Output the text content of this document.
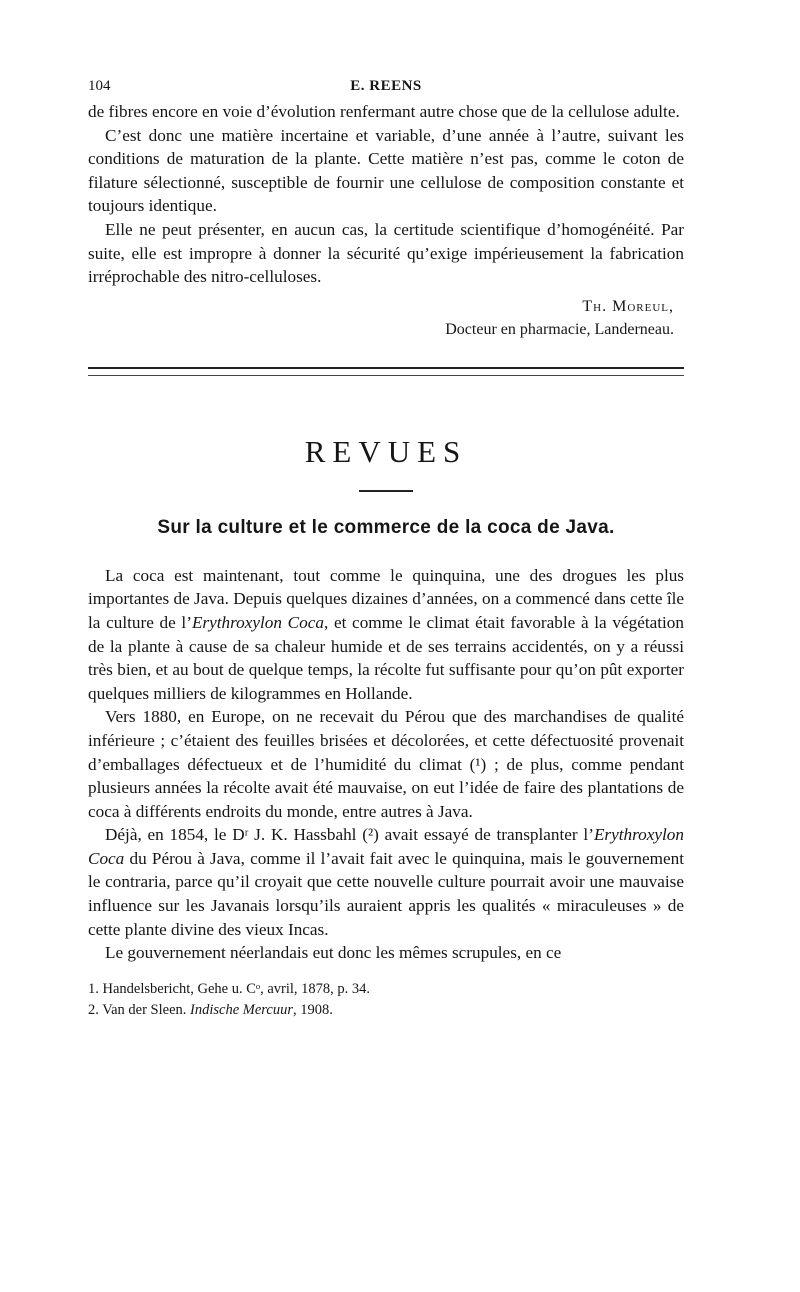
104	E. REENS

de fibres encore en voie d’évolution renfermant autre chose que de la cellulose adulte.

C’est donc une matière incertaine et variable, d’une année à l’autre, suivant les conditions de maturation de la plante. Cette matière n’est pas, comme le coton de filature sélectionné, susceptible de fournir une cellulose de composition constante et toujours identique.

Elle ne peut présenter, en aucun cas, la certitude scientifique d’homogénéité. Par suite, elle est impropre à donner la sécurité qu’exige impérieusement la fabrication irréprochable des nitro-celluloses.

Th. Moreul,
Docteur en pharmacie, Landerneau.
REVUES
Sur la culture et le commerce de la coca de Java.

La coca est maintenant, tout comme le quinquina, une des drogues les plus importantes de Java. Depuis quelques dizaines d’années, on a commencé dans cette île la culture de l’Erythroxylon Coca, et comme le climat était favorable à la végétation de la plante à cause de sa chaleur humide et de ses terrains accidentés, on y a réussi très bien, et au bout de quelque temps, la récolte fut suffisante pour qu’on pût exporter quelques milliers de kilogrammes en Hollande.

Vers 1880, en Europe, on ne recevait du Pérou que des marchandises de qualité inférieure ; c’étaient des feuilles brisées et décolorées, et cette défectuosité provenait d’emballages défectueux et de l’humidité du climat (¹) ; de plus, comme pendant plusieurs années la récolte avait été mauvaise, on eut l’idée de faire des plantations de coca à différents endroits du monde, entre autres à Java.

Déjà, en 1854, le Dʳ J. K. Hassbahl (²) avait essayé de transplanter l’Erythroxylon Coca du Pérou à Java, comme il l’avait fait avec le quinquina, mais le gouvernement le contraria, parce qu’il croyait que cette nouvelle culture pourrait avoir une mauvaise influence sur les Javanais lorsqu’ils auraient appris les qualités « miraculeuses » de cette plante divine des vieux Incas.

Le gouvernement néerlandais eut donc les mêmes scrupules, en ce

1. Handelsbericht, Gehe u. Cᵒ, avril, 1878, p. 34.
2. Van der Sleen. Indische Mercuur, 1908.
